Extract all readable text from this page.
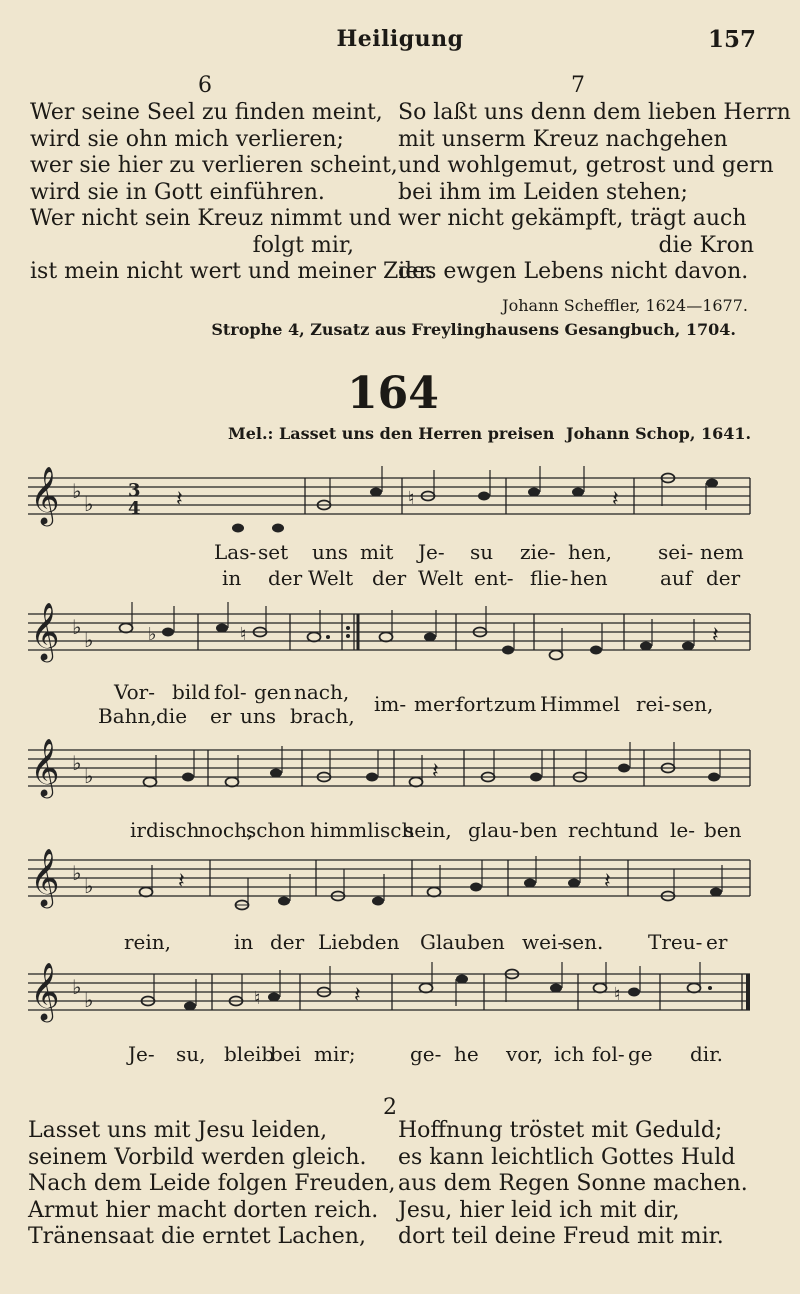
Heiligung	157
6
Wer seine Seel zu finden meint,
wird sie ohn mich verlieren;
wer sie hier zu verlieren scheint,
wird sie in Gott einführen.
Wer nicht sein Kreuz nimmt und
folgt mir,
ist mein nicht wert und meiner Zier.
7
So laßt uns denn dem lieben Herrn
mit unserm Kreuz nachgehen
und wohlgemut, getrost und gern
bei ihm im Leiden stehen;
wer nicht gekämpft, trägt auch
die Kron
des ewgen Lebens nicht davon.
Johann Scheffler, 1624—1677.
Strophe 4, Zusatz aus Freylinghausens Gesangbuch, 1704.
164
Mel.: Lasset uns den Herren preisen Johann Schop, 1641.
𝄞 ♭
♭
3
4 𝄽	♮	𝄽
Las- set uns mit Je- su zie- hen, sei- nem
in der Welt der Welt ent- flie- hen	auf der
𝄞 ♭
♭	♭	♮	𝄽
Vor- bild fol- gen nach,
Bahn, die er uns brach, im- mer-
fort zum Himmel rei- sen,
𝄞 ♭
♭	𝄽
irdisch
noch,
schon himmlisch
sein, glau- ben recht
und le- ben
𝄞 ♭
♭	𝄽	𝄽
rein,	in der Lieb den Glauben wei-
sen. Treu- er
𝄞 ♭
♭	♮	𝄽	♮
Je- su, bleib
bei mir;	ge- he vor, ich fol- ge dir.
2
Lasset uns mit Jesu leiden,
seinem Vorbild werden gleich.
Nach dem Leide folgen Freuden,
Armut hier macht dorten reich.
Tränensaat die erntet Lachen,
Hoffnung tröstet mit Geduld;
es kann leichtlich Gottes Huld
aus dem Regen Sonne machen.
Jesu, hier leid ich mit dir,
dort teil deine Freud mit mir.
